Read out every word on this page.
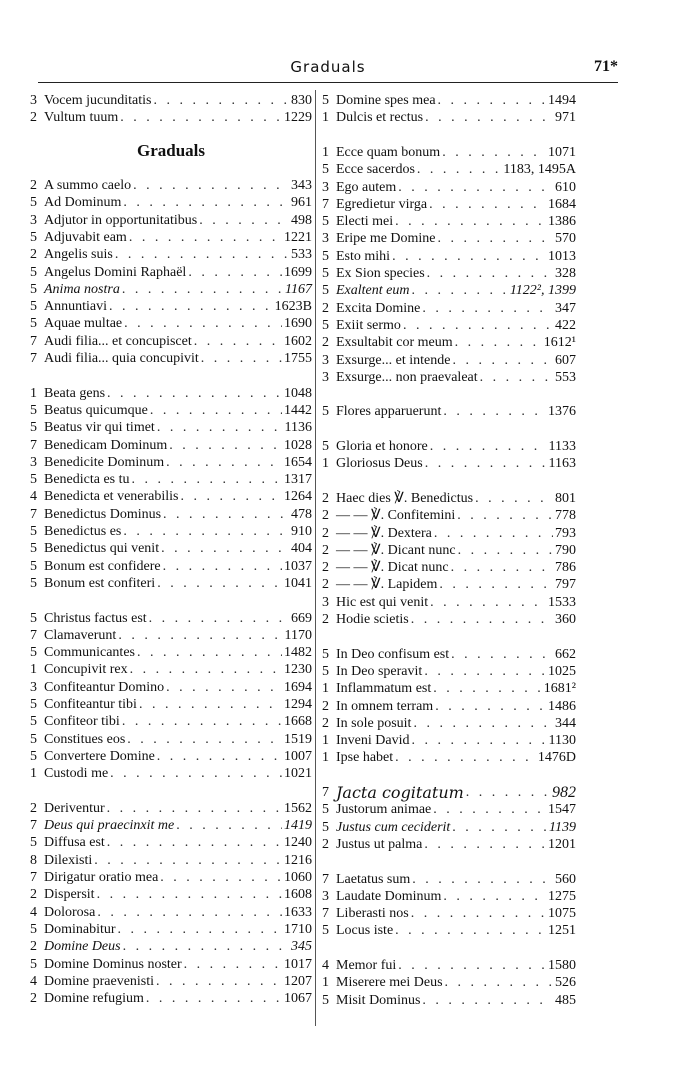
Graduals	71*
3 Vocem jucunditatis . . .	830
2 Vultum tuum . . .	1229
Graduals
2 A summo caelo . . .	343
5 Ad Dominum . . .	961
3 Adjutor in opportunitatibus . . .	498
5 Adjuvabit eam . . .	1221
2 Angelis suis . . .	533
5 Angelus Domini Raphaël . . .	1699
5 Anima nostra . . .	1167
5 Annuntiavi . . .	1623B
5 Aquae multae . . .	1690
7 Audi filia... et concupiscet . . .	1602
7 Audi filia... quia concupivit . . .	1755
1 Beata gens . . .	1048
5 Beatus quicumque . . .	1442
5 Beatus vir qui timet . . .	1136
7 Benedicam Dominum . . .	1028
3 Benedicite Dominum . . .	1654
5 Benedicta es tu . . .	1317
4 Benedicta et venerabilis . . .	1264
7 Benedictus Dominus . . .	478
5 Benedictus es . . .	910
5 Benedictus qui venit . . .	404
5 Bonum est confidere . . .	1037
5 Bonum est confiteri . . .	1041
5 Christus factus est . . .	669
7 Clamaverunt . . .	1170
5 Communicantes . . .	1482
1 Concupivit rex . . .	1230
3 Confiteantur Domino . . .	1694
5 Confiteantur tibi . . .	1294
5 Confiteor tibi . . .	1668
5 Constitues eos . . .	1519
5 Convertere Domine . . .	1007
1 Custodi me . . .	1021
2 Deriventur . . .	1562
7 Deus qui praecinxit me . . .	1419
5 Diffusa est . . .	1240
8 Dilexisti . . .	1216
7 Dirigatur oratio mea . . .	1060
2 Dispersit . . .	1608
4 Dolorosa . . .	1633
5 Dominabitur . . .	1710
2 Domine Deus . . .	345
5 Domine Dominus noster . . .	1017
4 Domine praevenisti . . .	1207
2 Domine refugium . . .	1067
5 Domine spes mea . . .	1494
1 Dulcis et rectus . . .	971
1 Ecce quam bonum . . .	1071
5 Ecce sacerdos . . .	1183, 1495A
3 Ego autem . . .	610
7 Egredietur virga . . .	1684
5 Electi mei . . .	1386
3 Eripe me Domine . . .	570
5 Esto mihi . . .	1013
5 Ex Sion species . . .	328
5 Exaltent eum . . .	1122², 1399
2 Excita Domine . . .	347
5 Exiit sermo . . .	422
2 Exsultabit cor meum . . .	1612¹
3 Exsurge... et intende . . .	607
3 Exsurge... non praevaleat . . .	553
5 Flores apparuerunt . . .	1376
5 Gloria et honore . . .	1133
1 Gloriosus Deus . . .	1163
2 Haec dies ℣. Benedictus . . .	801
2 — — ℣. Confitemini . . .	778
2 — — ℣. Dextera . . .	793
2 — — ℣. Dicant nunc . . .	790
2 — — ℣. Dicat nunc . . .	786
2 — — ℣. Lapidem . . .	797
3 Hic est qui venit . . .	1533
2 Hodie scietis . . .	360
5 In Deo confisum est . . .	662
5 In Deo speravit . . .	1025
1 Inflammatum est . . .	1681²
2 In omnem terram . . .	1486
2 In sole posuit . . .	344
1 Inveni David . . .	1130
1 Ipse habet . . .	1476D
7 Jacta cogitatum . . .	982
5 Justorum animae . . .	1547
5 Justus cum ceciderit . . .	1139
2 Justus ut palma . . .	1201
7 Laetatus sum . . .	560
3 Laudate Dominum . . .	1275
7 Liberasti nos . . .	1075
5 Locus iste . . .	1251
4 Memor fui . . .	1580
1 Miserere mei Deus . . .	526
5 Misit Dominus . . .	485
